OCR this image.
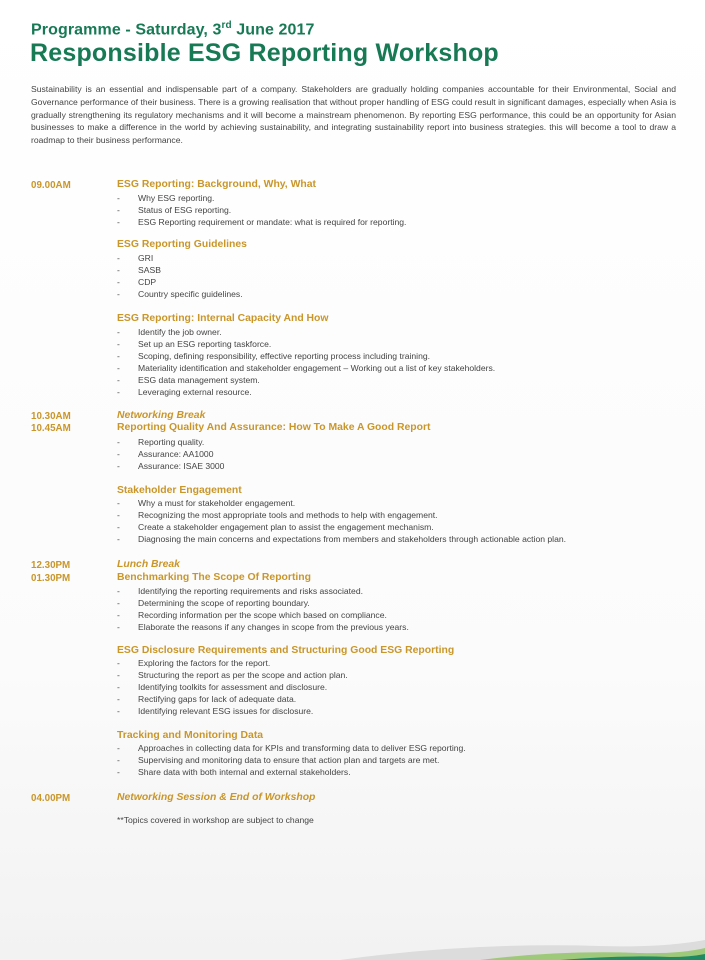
Programme - Saturday, 3rd June 2017
Responsible ESG Reporting Workshop
Sustainability is an essential and indispensable part of a company. Stakeholders are gradually holding companies accountable for their Environmental, Social and Governance performance of their business. There is a growing realisation that without proper handling of ESG could result in significant damages, especially when Asia is gradually strengthening its regulatory mechanisms and it will become a mainstream phenomenon. By reporting ESG performance, this could be an opportunity for Asian businesses to make a difference in the world by achieving sustainability, and integrating sustainability report into business strategies. this will become a tool to draw a roadmap to their business performance.
09.00AM	ESG Reporting: Background, Why, What
- Why ESG reporting.
- Status of ESG reporting.
- ESG Reporting requirement or mandate: what is required for reporting.
ESG Reporting Guidelines
- GRI
- SASB
- CDP
- Country specific guidelines.
ESG Reporting: Internal Capacity And How
- Identify the job owner.
- Set up an ESG reporting taskforce.
- Scoping, defining responsibility, effective reporting process including training.
- Materiality identification and stakeholder engagement – Working out a list of key stakeholders.
- ESG data management system.
- Leveraging external resource.
10.30AM	Networking Break
10.45AM	Reporting Quality And Assurance: How To Make A Good Report
- Reporting quality.
- Assurance: AA1000
- Assurance: ISAE 3000
Stakeholder Engagement
- Why a must for stakeholder engagement.
- Recognizing the most appropriate tools and methods to help with engagement.
- Create a stakeholder engagement plan to assist the engagement mechanism.
- Diagnosing the main concerns and expectations from members and stakeholders through actionable action plan.
12.30PM	Lunch Break
01.30PM	Benchmarking The Scope Of Reporting
- Identifying the reporting requirements and risks associated.
- Determining the scope of reporting boundary.
- Recording information per the scope which based on compliance.
- Elaborate the reasons if any changes in scope from the previous years.
ESG Disclosure Requirements and Structuring Good ESG Reporting
- Exploring the factors for the report.
- Structuring the report as per the scope and action plan.
- Identifying toolkits for assessment and disclosure.
- Rectifying gaps for lack of adequate data.
- Identifying relevant ESG issues for disclosure.
Tracking and Monitoring Data
- Approaches in collecting data for KPIs and transforming data to deliver ESG reporting.
- Supervising and monitoring data to ensure that action plan and targets are met.
- Share data with both internal and external stakeholders.
04.00PM	Networking Session & End of Workshop
**Topics covered in workshop are subject to change
